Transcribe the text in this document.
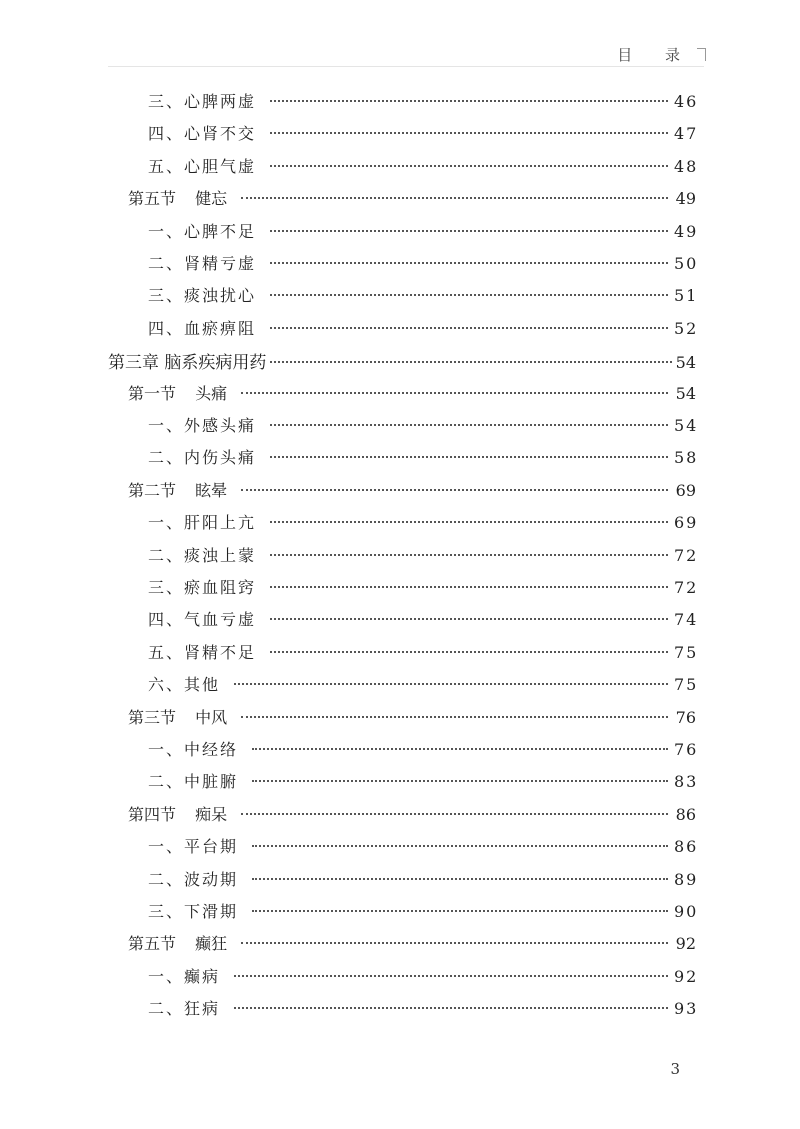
目 录
三、心脾两虚	46
四、心肾不交	47
五、心胆气虚	48
第五节 健忘	49
一、心脾不足	49
二、肾精亏虚	50
三、痰浊扰心	51
四、血瘀痹阻	52
第三章 脑系疾病用药	54
第一节 头痛	54
一、外感头痛	54
二、内伤头痛	58
第二节 眩晕	69
一、肝阳上亢	69
二、痰浊上蒙	72
三、瘀血阻窍	72
四、气血亏虚	74
五、肾精不足	75
六、其他	75
第三节 中风	76
一、中经络	76
二、中脏腑	83
第四节 痴呆	86
一、平台期	86
二、波动期	89
三、下滑期	90
第五节 癫狂	92
一、癫病	92
二、狂病	93
3
